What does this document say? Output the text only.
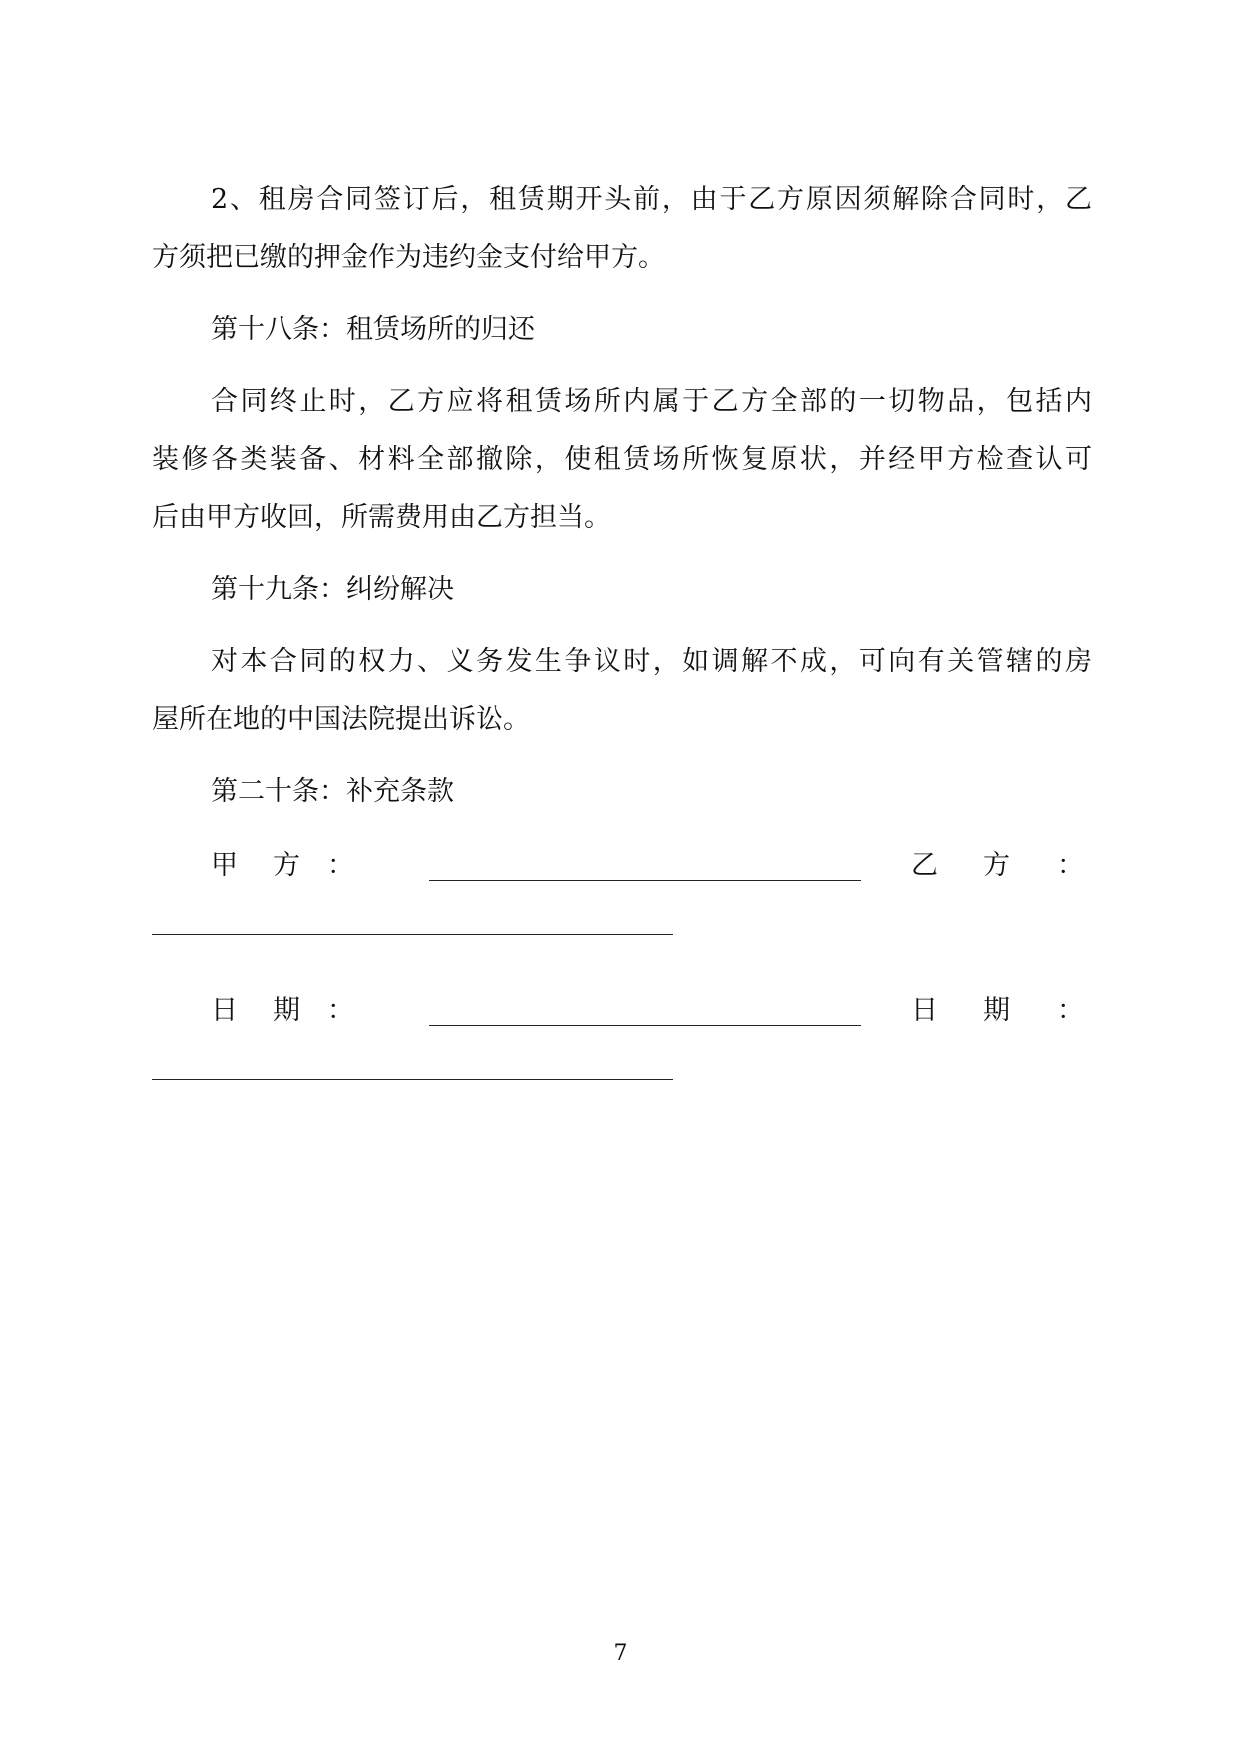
2、租房合同签订后，租赁期开头前，由于乙方原因须解除合同时，乙
方须把已缴的押金作为违约金支付给甲方。
第十八条：租赁场所的归还
合同终止时，乙方应将租赁场所内属于乙方全部的一切物品，包括内
装修各类装备、材料全部撤除，使租赁场所恢复原状，并经甲方检查认可
后由甲方收回，所需费用由乙方担当。
第十九条：纠纷解决
对本合同的权力、义务发生争议时，如调解不成，可向有关管辖的房
屋所在地的中国法院提出诉讼。
第二十条：补充条款
甲 方 ：	乙 方 ：
日 期 ：	日 期 ：
7
